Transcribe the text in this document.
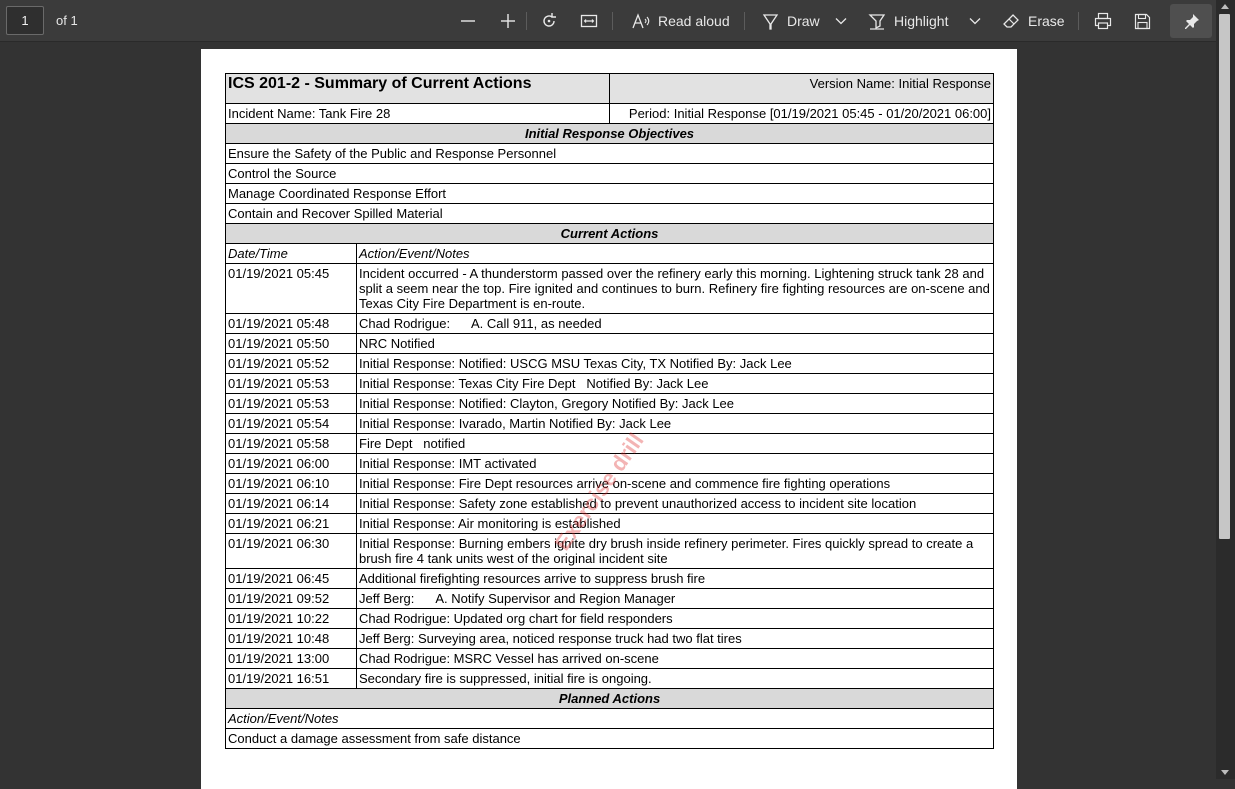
1
of 1	Read aloud	Draw	Highlight	Erase
ICS 201-2 - Summary of Current Actions		Version Name: Initial Response
Incident Name: Tank Fire 28		Period: Initial Response [01/19/2021 05:45 - 01/20/2021 06:00]
Initial Response Objectives		
Ensure the Safety of the Public and Response Personnel		
Control the Source		
Manage Coordinated Response Effort		
Contain and Recover Spilled Material		
Current Actions		
Date/Time	Action/Event/Notes	
01/19/2021 05:45	Incident occurred - A thunderstorm passed over the refinery early this morning. Lightening struck tank 28 and split a seem near the top. Fire ignited and continues to burn. Refinery fire fighting resources are on-scene and Texas City Fire Department is en-route.	
01/19/2021 05:48	Chad Rodrigue:      A. Call 911, as needed	
01/19/2021 05:50	NRC Notified	
01/19/2021 05:52	Initial Response: Notified: USCG MSU Texas City, TX Notified By: Jack Lee	
01/19/2021 05:53	Initial Response: Texas City Fire Dept   Notified By: Jack Lee	
01/19/2021 05:53	Initial Response: Notified: Clayton, Gregory Notified By: Jack Lee	
01/19/2021 05:54	Initial Response: Ivarado, Martin Notified By: Jack Lee	
01/19/2021 05:58	Fire Dept   notified	
01/19/2021 06:00	Initial Response: IMT activated	
01/19/2021 06:10	Initial Response: Fire Dept resources arrive on-scene and commence fire fighting operations	
01/19/2021 06:14	Initial Response: Safety zone established to prevent unauthorized access to incident site location	
01/19/2021 06:21	Initial Response: Air monitoring is established	
01/19/2021 06:30	Initial Response: Burning embers ignite dry brush inside refinery perimeter. Fires quickly spread to create a brush fire 4 tank units west of the original incident site	
01/19/2021 06:45	Additional firefighting resources arrive to suppress brush fire	
01/19/2021 09:52	Jeff Berg:      A. Notify Supervisor and Region Manager	
01/19/2021 10:22	Chad Rodrigue: Updated org chart for field responders	
01/19/2021 10:48	Jeff Berg: Surveying area, noticed response truck had two flat tires	
01/19/2021 13:00	Chad Rodrigue: MSRC Vessel has arrived on-scene	
01/19/2021 16:51	Secondary fire is suppressed, initial fire is ongoing.	
Planned Actions		
Action/Event/Notes		
Conduct a damage assessment from safe distance		
Exercise drill
